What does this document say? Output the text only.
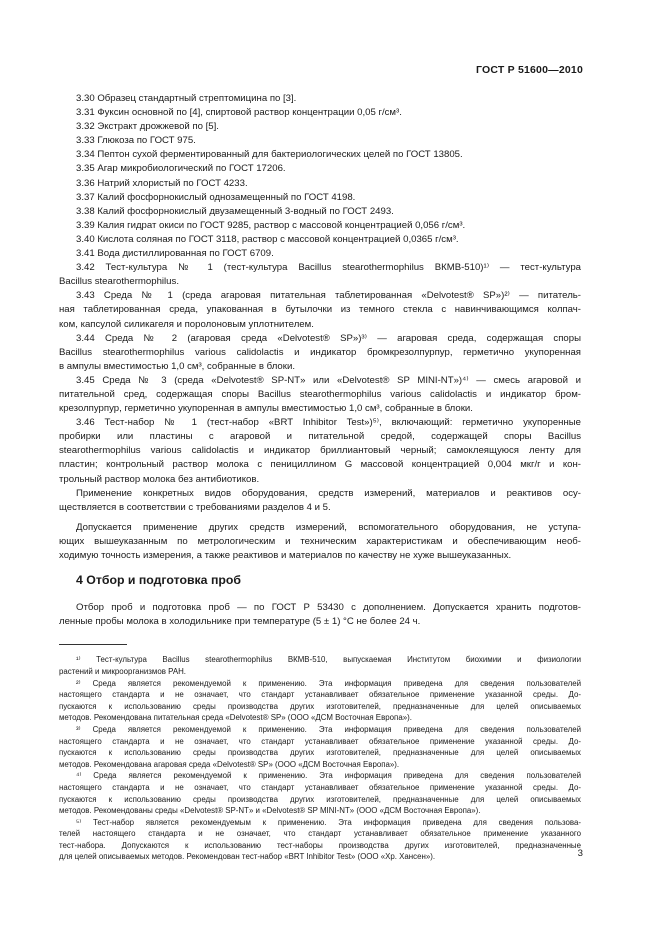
ГОСТ Р 51600—2010
3.30 Образец стандартный стрептомицина по [3].
3.31 Фуксин основной по [4], спиртовой раствор концентрации 0,05 г/см³.
3.32 Экстракт дрожжевой по [5].
3.33 Глюкоза по ГОСТ 975.
3.34 Пептон сухой ферментированный для бактериологических целей по ГОСТ 13805.
3.35 Агар микробиологический по ГОСТ 17206.
3.36 Натрий хлористый по ГОСТ 4233.
3.37 Калий фосфорнокислый однозамещенный по ГОСТ 4198.
3.38 Калий фосфорнокислый двузамещенный 3-водный по ГОСТ 2493.
3.39 Калия гидрат окиси по ГОСТ 9285, раствор с массовой концентрацией 0,056 г/см³.
3.40 Кислота соляная по ГОСТ 3118, раствор с массовой концентрацией 0,0365 г/см³.
3.41 Вода дистиллированная по ГОСТ 6709.
3.42 Тест-культура № 1 (тест-культура Bacillus stearothermophilus ВКМВ-510)¹⁾ — тест-культура
Bacillus stearothermophilus.
3.43 Среда № 1 (среда агаровая питательная таблетированная «Delvotest® SP»)²⁾ — питатель-
ная таблетированная среда, упакованная в бутылочки из темного стекла с навинчивающимся колпач-
ком, капсулой силикагеля и поролоновым уплотнителем.
3.44 Среда № 2 (агаровая среда «Delvotest® SP»)³⁾ — агаровая среда, содержащая споры
Bacillus stearothermophilus various calidolactis и индикатор бромкрезолпурпур, герметично укупоренная
в ампулы вместимостью 1,0 см³, собранные в блоки.
3.45 Среда № 3 (среда «Delvotest® SP-NT» или «Delvotest® SP MINI-NT»)⁴⁾ — смесь агаровой и
питательной сред, содержащая споры Bacillus stearothermophilus various calidolactis и индикатор бром-
крезолпурпур, герметично укупоренная в ампулы вместимостью 1,0 см³, собранные в блоки.
3.46 Тест-набор № 1 (тест-набор «BRT Inhibitor Test»)⁵⁾, включающий: герметично укупоренные
пробирки или пластины с агаровой и питательной средой, содержащей споры Bacillus
stearothermophilus various calidolactis и индикатор бриллиантовый черный; самоклеящуюся ленту для
пластин; контрольный раствор молока с пенициллином G массовой концентрацией 0,004 мкг/г и кон-
трольный раствор молока без антибиотиков.
Применение конкретных видов оборудования, средств измерений, материалов и реактивов осу-
ществляется в соответствии с требованиями разделов 4 и 5.
Допускается применение других средств измерений, вспомогательного оборудования, не уступа-
ющих вышеуказанным по метрологическим и техническим характеристикам и обеспечивающим необ-
ходимую точность измерения, а также реактивов и материалов по качеству не хуже вышеуказанных.
4 Отбор и подготовка проб
Отбор проб и подготовка проб — по ГОСТ Р 53430 с дополнением. Допускается хранить подготов-
ленные пробы молока в холодильнике при температуре (5 ± 1) °С не более 24 ч.
¹⁾ Тест-культура Bacillus stearothermophilus ВКМВ-510, выпускаемая Институтом биохимии и физиологии
растений и микроорганизмов РАН.
²⁾ Среда является рекомендуемой к применению. Эта информация приведена для сведения пользователей
настоящего стандарта и не означает, что стандарт устанавливает обязательное применение указанной среды. До-
пускаются к использованию среды производства других изготовителей, предназначенные для целей описываемых
методов. Рекомендована питательная среда «Delvotest® SP» (ООО «ДСМ Восточная Европа»).
³⁾ Среда является рекомендуемой к применению. Эта информация приведена для сведения пользователей
настоящего стандарта и не означает, что стандарт устанавливает обязательное применение указанной среды. До-
пускаются к использованию среды производства других изготовителей, предназначенные для целей описываемых
методов. Рекомендована агаровая среда «Delvotest® SP» (ООО «ДСМ Восточная Европа»).
⁴⁾ Среда является рекомендуемой к применению. Эта информация приведена для сведения пользователей
настоящего стандарта и не означает, что стандарт устанавливает обязательное применение указанной среды. До-
пускаются к использованию среды производства других изготовителей, предназначенные для целей описываемых
методов. Рекомендованы среды «Delvotest® SP-NT» и «Delvotest® SP MINI-NT» (ООО «ДСМ Восточная Европа»).
⁵⁾ Тест-набор является рекомендуемым к применению. Эта информация приведена для сведения пользова-
телей настоящего стандарта и не означает, что стандарт устанавливает обязательное применение указанного
тест-набора. Допускаются к использованию тест-наборы производства других изготовителей, предназначенные
для целей описываемых методов. Рекомендован тест-набор «BRT Inhibitor Test» (ООО «Хр. Хансен»).	3
